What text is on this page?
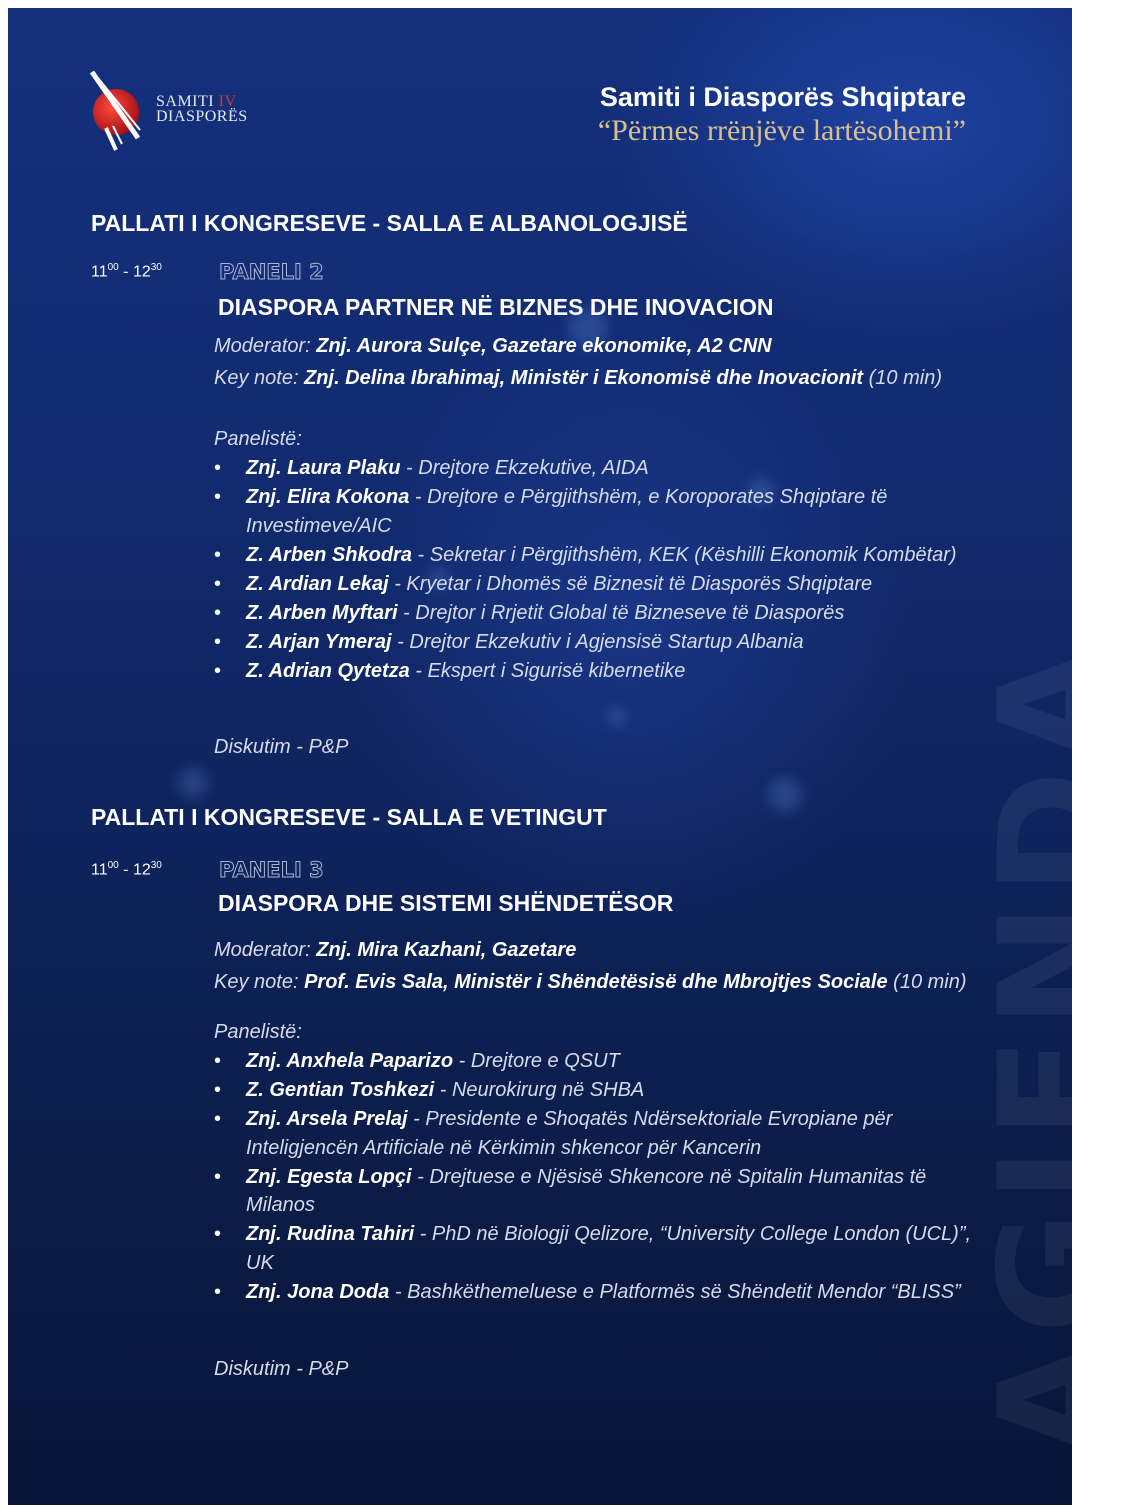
AGJENDA
SAMITI IV
DIASPORËS
Samiti i Diasporës Shqiptare
“Përmes rrënjëve lartësohemi”
PALLATI I KONGRESEVE - SALLA E ALBANOLOGJISË
$11^{00} - 12^{30}$	PANELI 2
DIASPORA PARTNER NË BIZNES DHE INOVACION
Moderator: Znj. Aurora Sulçe, Gazetare ekonomike, A2 CNN
Key note: Znj. Delina Ibrahimaj, Ministër i Ekonomisë dhe Inovacionit (10 min)
Panelistë:
• Znj. Laura Plaku - Drejtore Ekzekutive, AIDA
• Znj. Elira Kokona - Drejtore e Përgjithshëm, e Koroporates Shqiptare të Investimeve/AIC
• Z. Arben Shkodra - Sekretar i Përgjithshëm, KEK (Këshilli Ekonomik Kombëtar)
• Z. Ardian Lekaj - Kryetar i Dhomës së Biznesit të Diasporës Shqiptare
• Z. Arben Myftari - Drejtor i Rrjetit Global të Bizneseve të Diasporës
• Z. Arjan Ymeraj - Drejtor Ekzekutiv i Agjensisë Startup Albania
• Z. Adrian Qytetza - Ekspert i Sigurisë kibernetike
Diskutim - P&P
PALLATI I KONGRESEVE - SALLA E VETINGUT
$11^{00} - 12^{30}$	PANELI 3
DIASPORA DHE SISTEMI SHËNDETËSOR
Moderator: Znj. Mira Kazhani, Gazetare
Key note: Prof. Evis Sala, Ministër i Shëndetësisë dhe Mbrojtjes Sociale (10 min)
Panelistë:
• Znj. Anxhela Paparizo - Drejtore e QSUT
• Z. Gentian Toshkezi - Neurokirurg në SHBA
• Znj. Arsela Prelaj - Presidente e Shoqatës Ndërsektoriale Evropiane për Inteligjencën Artificiale në Kërkimin shkencor për Kancerin
• Znj. Egesta Lopçi - Drejtuese e Njësisë Shkencore në Spitalin Humanitas të Milanos
• Znj. Rudina Tahiri - PhD në Biologji Qelizore, “University College London (UCL)”, UK
• Znj. Jona Doda - Bashkëthemeluese e Platformës së Shëndetit Mendor “BLISS”
Diskutim - P&P
